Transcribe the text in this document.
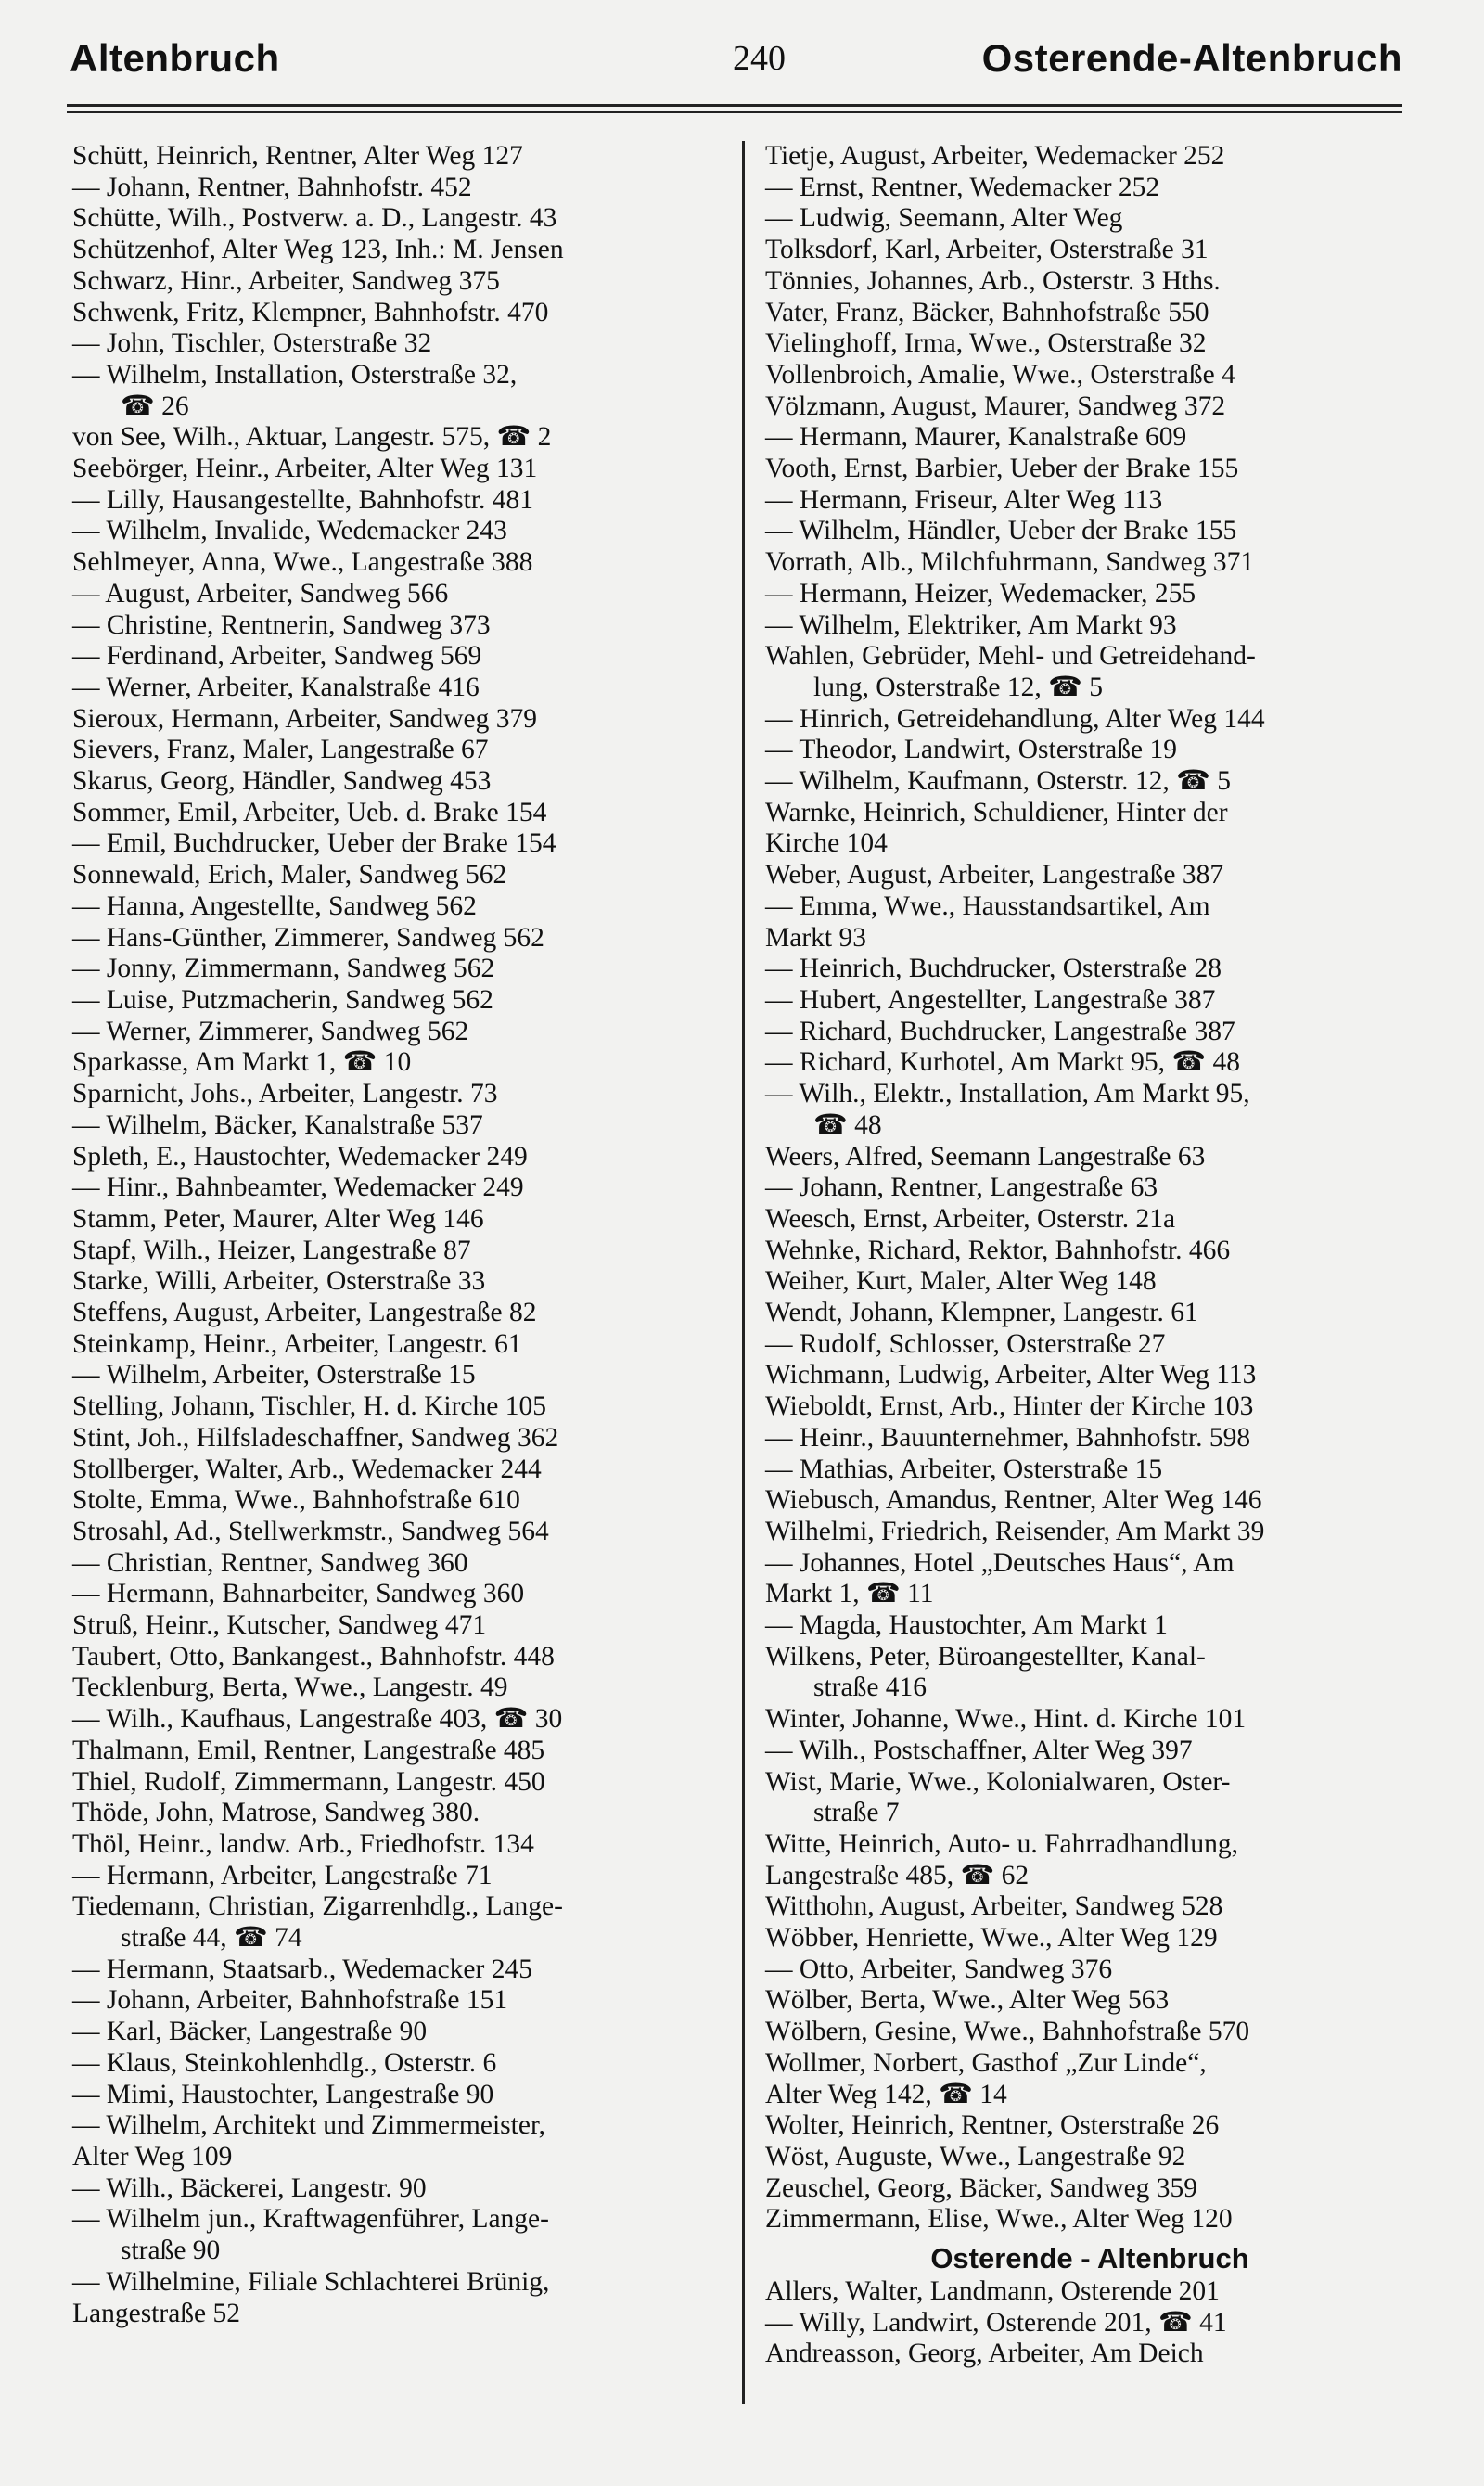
Altenbruch	240	Osterende-Altenbruch
Schütt, Heinrich, Rentner, Alter Weg 127
— Johann, Rentner, Bahnhofstr. 452
Schütte, Wilh., Postverw. a. D., Langestr. 43
Schützenhof, Alter Weg 123, Inh.: M. Jensen
Schwarz, Hinr., Arbeiter, Sandweg 375
Schwenk, Fritz, Klempner, Bahnhofstr. 470
— John, Tischler, Osterstraße 32
— Wilhelm, Installation, Osterstraße 32,
☎ 26
von See, Wilh., Aktuar, Langestr. 575, ☎ 2
Seebörger, Heinr., Arbeiter, Alter Weg 131
— Lilly, Hausangestellte, Bahnhofstr. 481
— Wilhelm, Invalide, Wedemacker 243
Sehlmeyer, Anna, Wwe., Langestraße 388
— August, Arbeiter, Sandweg 566
— Christine, Rentnerin, Sandweg 373
— Ferdinand, Arbeiter, Sandweg 569
— Werner, Arbeiter, Kanalstraße 416
Sieroux, Hermann, Arbeiter, Sandweg 379
Sievers, Franz, Maler, Langestraße 67
Skarus, Georg, Händler, Sandweg 453
Sommer, Emil, Arbeiter, Ueb. d. Brake 154
— Emil, Buchdrucker, Ueber der Brake 154
Sonnewald, Erich, Maler, Sandweg 562
— Hanna, Angestellte, Sandweg 562
— Hans-Günther, Zimmerer, Sandweg 562
— Jonny, Zimmermann, Sandweg 562
— Luise, Putzmacherin, Sandweg 562
— Werner, Zimmerer, Sandweg 562
Sparkasse, Am Markt 1, ☎ 10
Sparnicht, Johs., Arbeiter, Langestr. 73
— Wilhelm, Bäcker, Kanalstraße 537
Spleth, E., Haustochter, Wedemacker 249
— Hinr., Bahnbeamter, Wedemacker 249
Stamm, Peter, Maurer, Alter Weg 146
Stapf, Wilh., Heizer, Langestraße 87
Starke, Willi, Arbeiter, Osterstraße 33
Steffens, August, Arbeiter, Langestraße 82
Steinkamp, Heinr., Arbeiter, Langestr. 61
— Wilhelm, Arbeiter, Osterstraße 15
Stelling, Johann, Tischler, H. d. Kirche 105
Stint, Joh., Hilfsladeschaffner, Sandweg 362
Stollberger, Walter, Arb., Wedemacker 244
Stolte, Emma, Wwe., Bahnhofstraße 610
Strosahl, Ad., Stellwerkmstr., Sandweg 564
— Christian, Rentner, Sandweg 360
— Hermann, Bahnarbeiter, Sandweg 360
Struß, Heinr., Kutscher, Sandweg 471
Taubert, Otto, Bankangest., Bahnhofstr. 448
Tecklenburg, Berta, Wwe., Langestr. 49
— Wilh., Kaufhaus, Langestraße 403, ☎ 30
Thalmann, Emil, Rentner, Langestraße 485
Thiel, Rudolf, Zimmermann, Langestr. 450
Thöde, John, Matrose, Sandweg 380.
Thöl, Heinr., landw. Arb., Friedhofstr. 134
— Hermann, Arbeiter, Langestraße 71
Tiedemann, Christian, Zigarrenhdlg., Lange-
straße 44, ☎ 74
— Hermann, Staatsarb., Wedemacker 245
— Johann, Arbeiter, Bahnhofstraße 151
— Karl, Bäcker, Langestraße 90
— Klaus, Steinkohlenhdlg., Osterstr. 6
— Mimi, Haustochter, Langestraße 90
— Wilhelm, Architekt und Zimmermeister,
Alter Weg 109
— Wilh., Bäckerei, Langestr. 90
— Wilhelm jun., Kraftwagenführer, Lange-
straße 90
— Wilhelmine, Filiale Schlachterei Brünig,
Langestraße 52
Tietje, August, Arbeiter, Wedemacker 252
— Ernst, Rentner, Wedemacker 252
— Ludwig, Seemann, Alter Weg
Tolksdorf, Karl, Arbeiter, Osterstraße 31
Tönnies, Johannes, Arb., Osterstr. 3 Hths.
Vater, Franz, Bäcker, Bahnhofstraße 550
Vielinghoff, Irma, Wwe., Osterstraße 32
Vollenbroich, Amalie, Wwe., Osterstraße 4
Völzmann, August, Maurer, Sandweg 372
— Hermann, Maurer, Kanalstraße 609
Vooth, Ernst, Barbier, Ueber der Brake 155
— Hermann, Friseur, Alter Weg 113
— Wilhelm, Händler, Ueber der Brake 155
Vorrath, Alb., Milchfuhrmann, Sandweg 371
— Hermann, Heizer, Wedemacker, 255
— Wilhelm, Elektriker, Am Markt 93
Wahlen, Gebrüder, Mehl- und Getreidehand-
lung, Osterstraße 12, ☎ 5
— Hinrich, Getreidehandlung, Alter Weg 144
— Theodor, Landwirt, Osterstraße 19
— Wilhelm, Kaufmann, Osterstr. 12, ☎ 5
Warnke, Heinrich, Schuldiener, Hinter der
Kirche 104
Weber, August, Arbeiter, Langestraße 387
— Emma, Wwe., Hausstandsartikel, Am
Markt 93
— Heinrich, Buchdrucker, Osterstraße 28
— Hubert, Angestellter, Langestraße 387
— Richard, Buchdrucker, Langestraße 387
— Richard, Kurhotel, Am Markt 95, ☎ 48
— Wilh., Elektr., Installation, Am Markt 95,
☎ 48
Weers, Alfred, Seemann Langestraße 63
— Johann, Rentner, Langestraße 63
Weesch, Ernst, Arbeiter, Osterstr. 21a
Wehnke, Richard, Rektor, Bahnhofstr. 466
Weiher, Kurt, Maler, Alter Weg 148
Wendt, Johann, Klempner, Langestr. 61
— Rudolf, Schlosser, Osterstraße 27
Wichmann, Ludwig, Arbeiter, Alter Weg 113
Wieboldt, Ernst, Arb., Hinter der Kirche 103
— Heinr., Bauunternehmer, Bahnhofstr. 598
— Mathias, Arbeiter, Osterstraße 15
Wiebusch, Amandus, Rentner, Alter Weg 146
Wilhelmi, Friedrich, Reisender, Am Markt 39
— Johannes, Hotel „Deutsches Haus“, Am
Markt 1, ☎ 11
— Magda, Haustochter, Am Markt 1
Wilkens, Peter, Büroangestellter, Kanal-
straße 416
Winter, Johanne, Wwe., Hint. d. Kirche 101
— Wilh., Postschaffner, Alter Weg 397
Wist, Marie, Wwe., Kolonialwaren, Oster-
straße 7
Witte, Heinrich, Auto- u. Fahrradhandlung,
Langestraße 485, ☎ 62
Witthohn, August, Arbeiter, Sandweg 528
Wöbber, Henriette, Wwe., Alter Weg 129
— Otto, Arbeiter, Sandweg 376
Wölber, Berta, Wwe., Alter Weg 563
Wölbern, Gesine, Wwe., Bahnhofstraße 570
Wollmer, Norbert, Gasthof „Zur Linde“,
Alter Weg 142, ☎ 14
Wolter, Heinrich, Rentner, Osterstraße 26
Wöst, Auguste, Wwe., Langestraße 92
Zeuschel, Georg, Bäcker, Sandweg 359
Zimmermann, Elise, Wwe., Alter Weg 120
Osterende - Altenbruch
Allers, Walter, Landmann, Osterende 201
— Willy, Landwirt, Osterende 201, ☎ 41
Andreasson, Georg, Arbeiter, Am Deich
